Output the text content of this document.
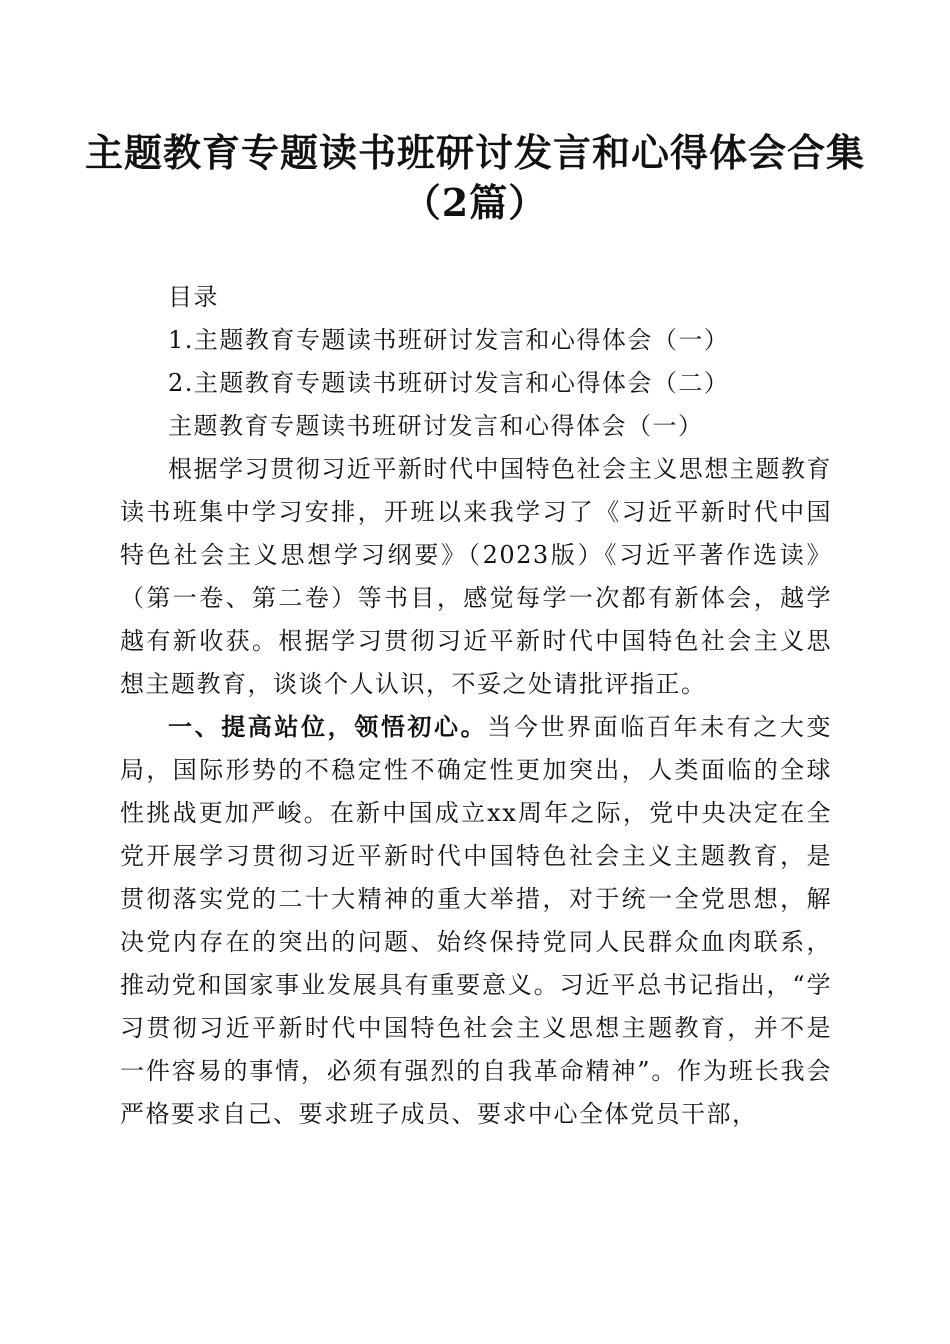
主题教育专题读书班研讨发言和心得体会合集
（2篇）

目录

1.主题教育专题读书班研讨发言和心得体会（一）

2.主题教育专题读书班研讨发言和心得体会（二）

主题教育专题读书班研讨发言和心得体会（一）

根据学习贯彻习近平新时代中国特色社会主义思想主题教育读书班集中学习安排，开班以来我学习了《习近平新时代中国特色社会主义思想学习纲要》（2023版）《习近平著作选读》（第一卷、第二卷）等书目，感觉每学一次都有新体会，越学越有新收获。根据学习贯彻习近平新时代中国特色社会主义思想主题教育，谈谈个人认识，不妥之处请批评指正。

一、提高站位，领悟初心。当今世界面临百年未有之大变局，国际形势的不稳定性不确定性更加突出，人类面临的全球性挑战更加严峻。在新中国成立xx周年之际，党中央决定在全党开展学习贯彻习近平新时代中国特色社会主义主题教育，是贯彻落实党的二十大精神的重大举措，对于统一全党思想，解决党内存在的突出的问题、始终保持党同人民群众血肉联系，推动党和国家事业发展具有重要意义。习近平总书记指出，“学习贯彻习近平新时代中国特色社会主义思想主题教育，并不是一件容易的事情，必须有强烈的自我革命精神”。作为班长我会严格要求自己、要求班子成员、要求中心全体党员干部，
